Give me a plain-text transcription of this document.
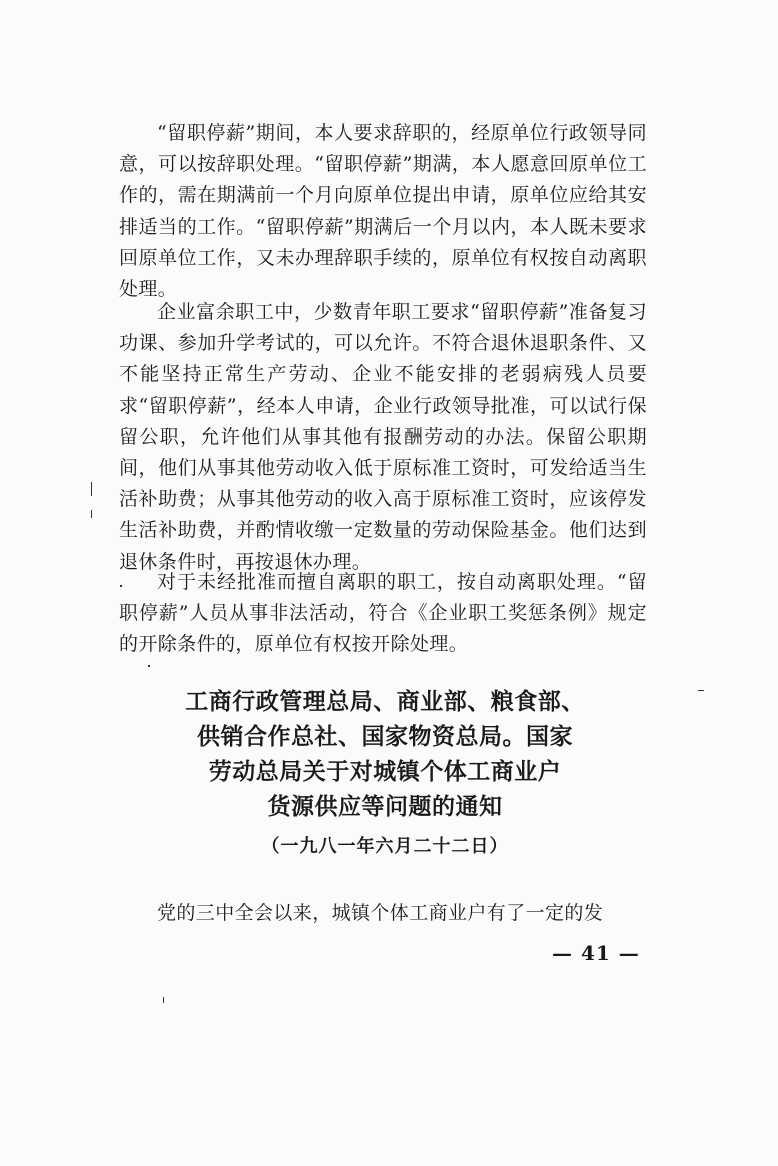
“留职停薪”期间，本人要求辞职的，经原单位行政领导同意，可以按辞职处理。“留职停薪”期满，本人愿意回原单位工作的，需在期满前一个月向原单位提出申请，原单位应给其安排适当的工作。“留职停薪”期满后一个月以内，本人既未要求回原单位工作，又未办理辞职手续的，原单位有权按自动离职处理。

企业富余职工中，少数青年职工要求“留职停薪”准备复习功课、参加升学考试的，可以允许。不符合退休退职条件、又不能坚持正常生产劳动、企业不能安排的老弱病残人员要求“留职停薪”，经本人申请，企业行政领导批准，可以试行保留公职，允许他们从事其他有报酬劳动的办法。保留公职期间，他们从事其他劳动收入低于原标准工资时，可发给适当生活补助费；从事其他劳动的收入高于原标准工资时，应该停发生活补助费，并酌情收缴一定数量的劳动保险基金。他们达到退休条件时，再按退休办理。

对于未经批准而擅自离职的职工，按自动离职处理。“留职停薪”人员从事非法活动，符合《企业职工奖惩条例》规定的开除条件的，原单位有权按开除处理。

工商行政管理总局、商业部、粮食部、
供销合作总社、国家物资总局。国家
劳动总局关于对城镇个体工商业户
货源供应等问题的通知

（一九八一年六月二十二日）

党的三中全会以来，城镇个体工商业户有了一定的发

— 41 —
